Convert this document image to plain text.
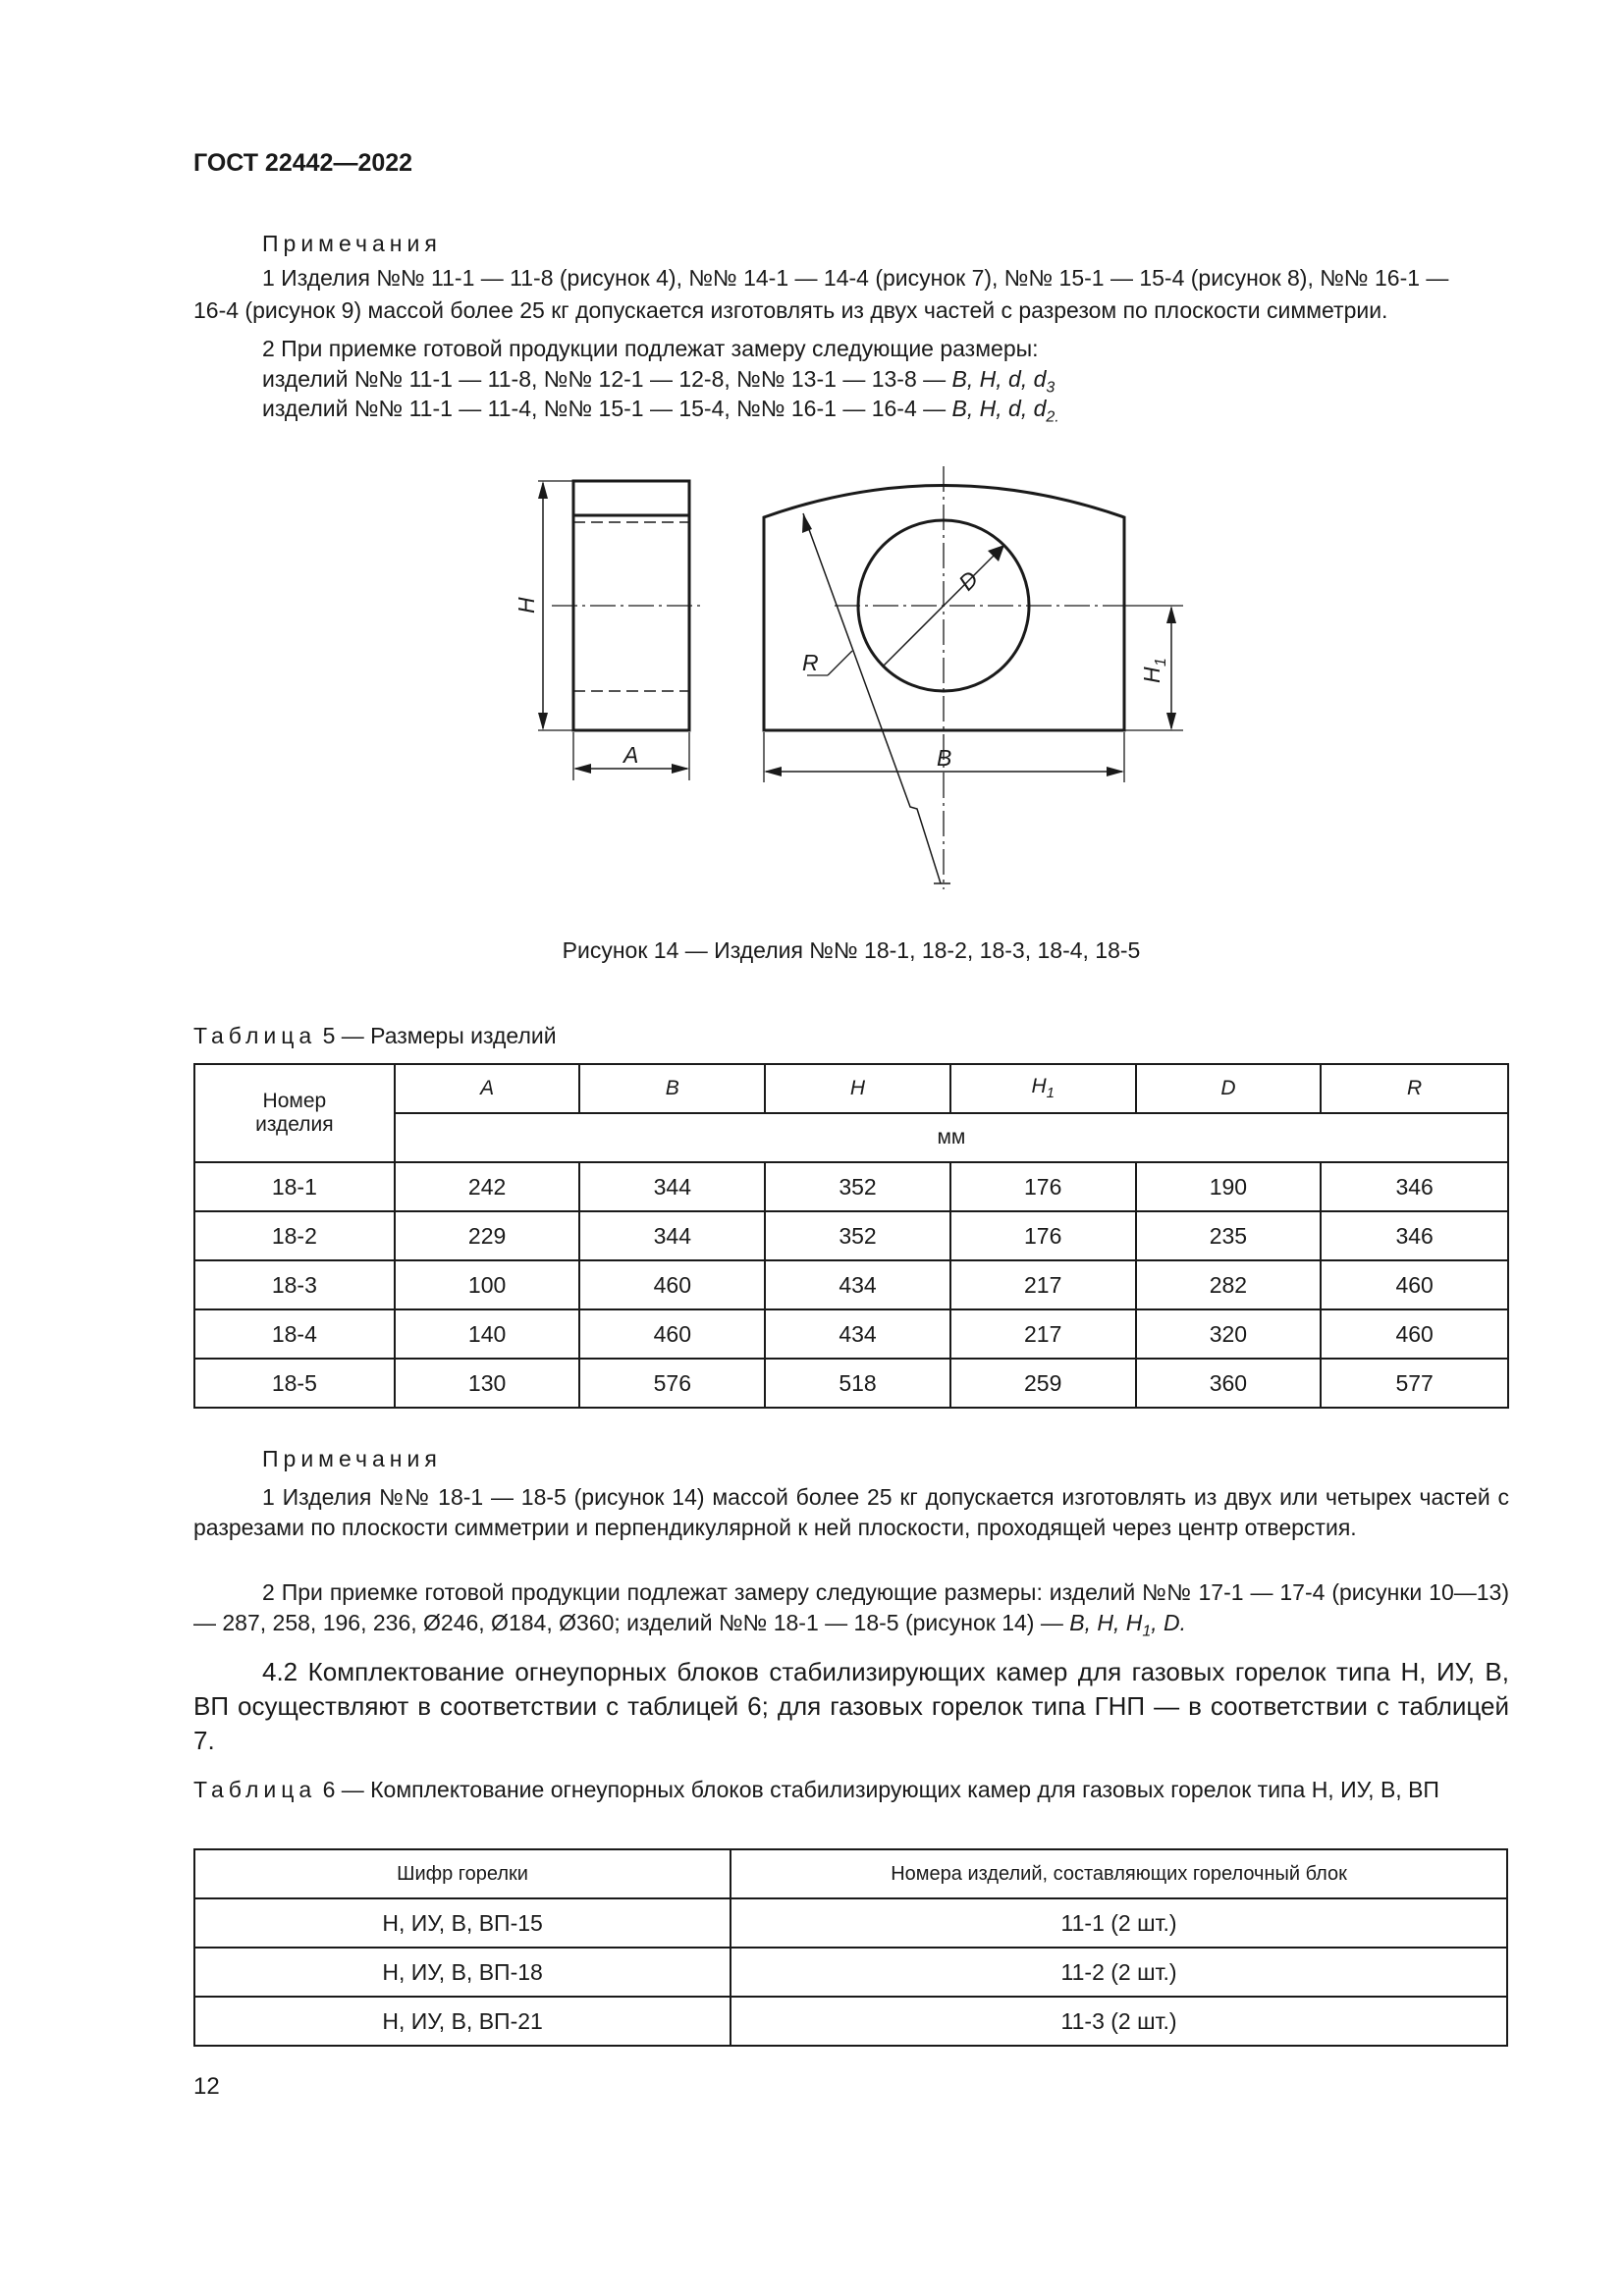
ГОСТ 22442—2022
Примечания
1 Изделия №№ 11-1 — 11-8 (рисунок 4), №№ 14-1 — 14-4 (рисунок 7), №№ 15-1 — 15-4 (рисунок 8), №№ 16-1 —
16-4 (рисунок 9) массой более 25 кг допускается изготовлять из двух частей с разрезом по плоскости симметрии.
2 При приемке готовой продукции подлежат замеру следующие размеры:
изделий №№ 11-1 — 11-8, №№ 12-1 — 12-8, №№ 13-1 — 13-8 — B, H, d, $d_3$
изделий №№ 11-1 — 11-4, №№ 15-1 — 15-4, №№ 16-1 — 16-4 — B, H, d, $d_{2.}$
H
A	B
D
R	H
1
Рисунок 14 — Изделия №№ 18-1, 18-2, 18-3, 18-4, 18-5
Таблица 5 — Размеры изделий
Номер
изделия	A	B	H	$H_1$	D	R
	мм					
18-1	242	344	352	176	190	346
18-2	229	344	352	176	235	346
18-3	100	460	434	217	282	460
18-4	140	460	434	217	320	460
18-5	130	576	518	259	360	577
Примечания
1 Изделия №№ 18-1 — 18-5 (рисунок 14) массой более 25 кг допускается изготовлять из двух или четырех частей с разрезами по плоскости симметрии и перпендикулярной к ней плоскости, проходящей через центр отверстия.
2 При приемке готовой продукции подлежат замеру следующие размеры: изделий №№ 17-1 — 17-4 (рисунки 10—13) — 287, 258, 196, 236, Ø246, Ø184, Ø360; изделий №№ 18-1 — 18-5 (рисунок 14) — B, H, $H_1$, D.
4.2 Комплектование огнеупорных блоков стабилизирующих камер для газовых горелок типа Н, ИУ, В, ВП осуществляют в соответствии с таблицей 6; для газовых горелок типа ГНП — в соответствии с таблицей 7.
Таблица 6 — Комплектование огнеупорных блоков стабилизирующих камер для газовых горелок типа Н, ИУ, В, ВП
Шифр горелки	Номера изделий, составляющих горелочный блок
Н, ИУ, В, ВП-15	11-1 (2 шт.)
Н, ИУ, В, ВП-18	11-2 (2 шт.)
Н, ИУ, В, ВП-21	11-3 (2 шт.)
12
